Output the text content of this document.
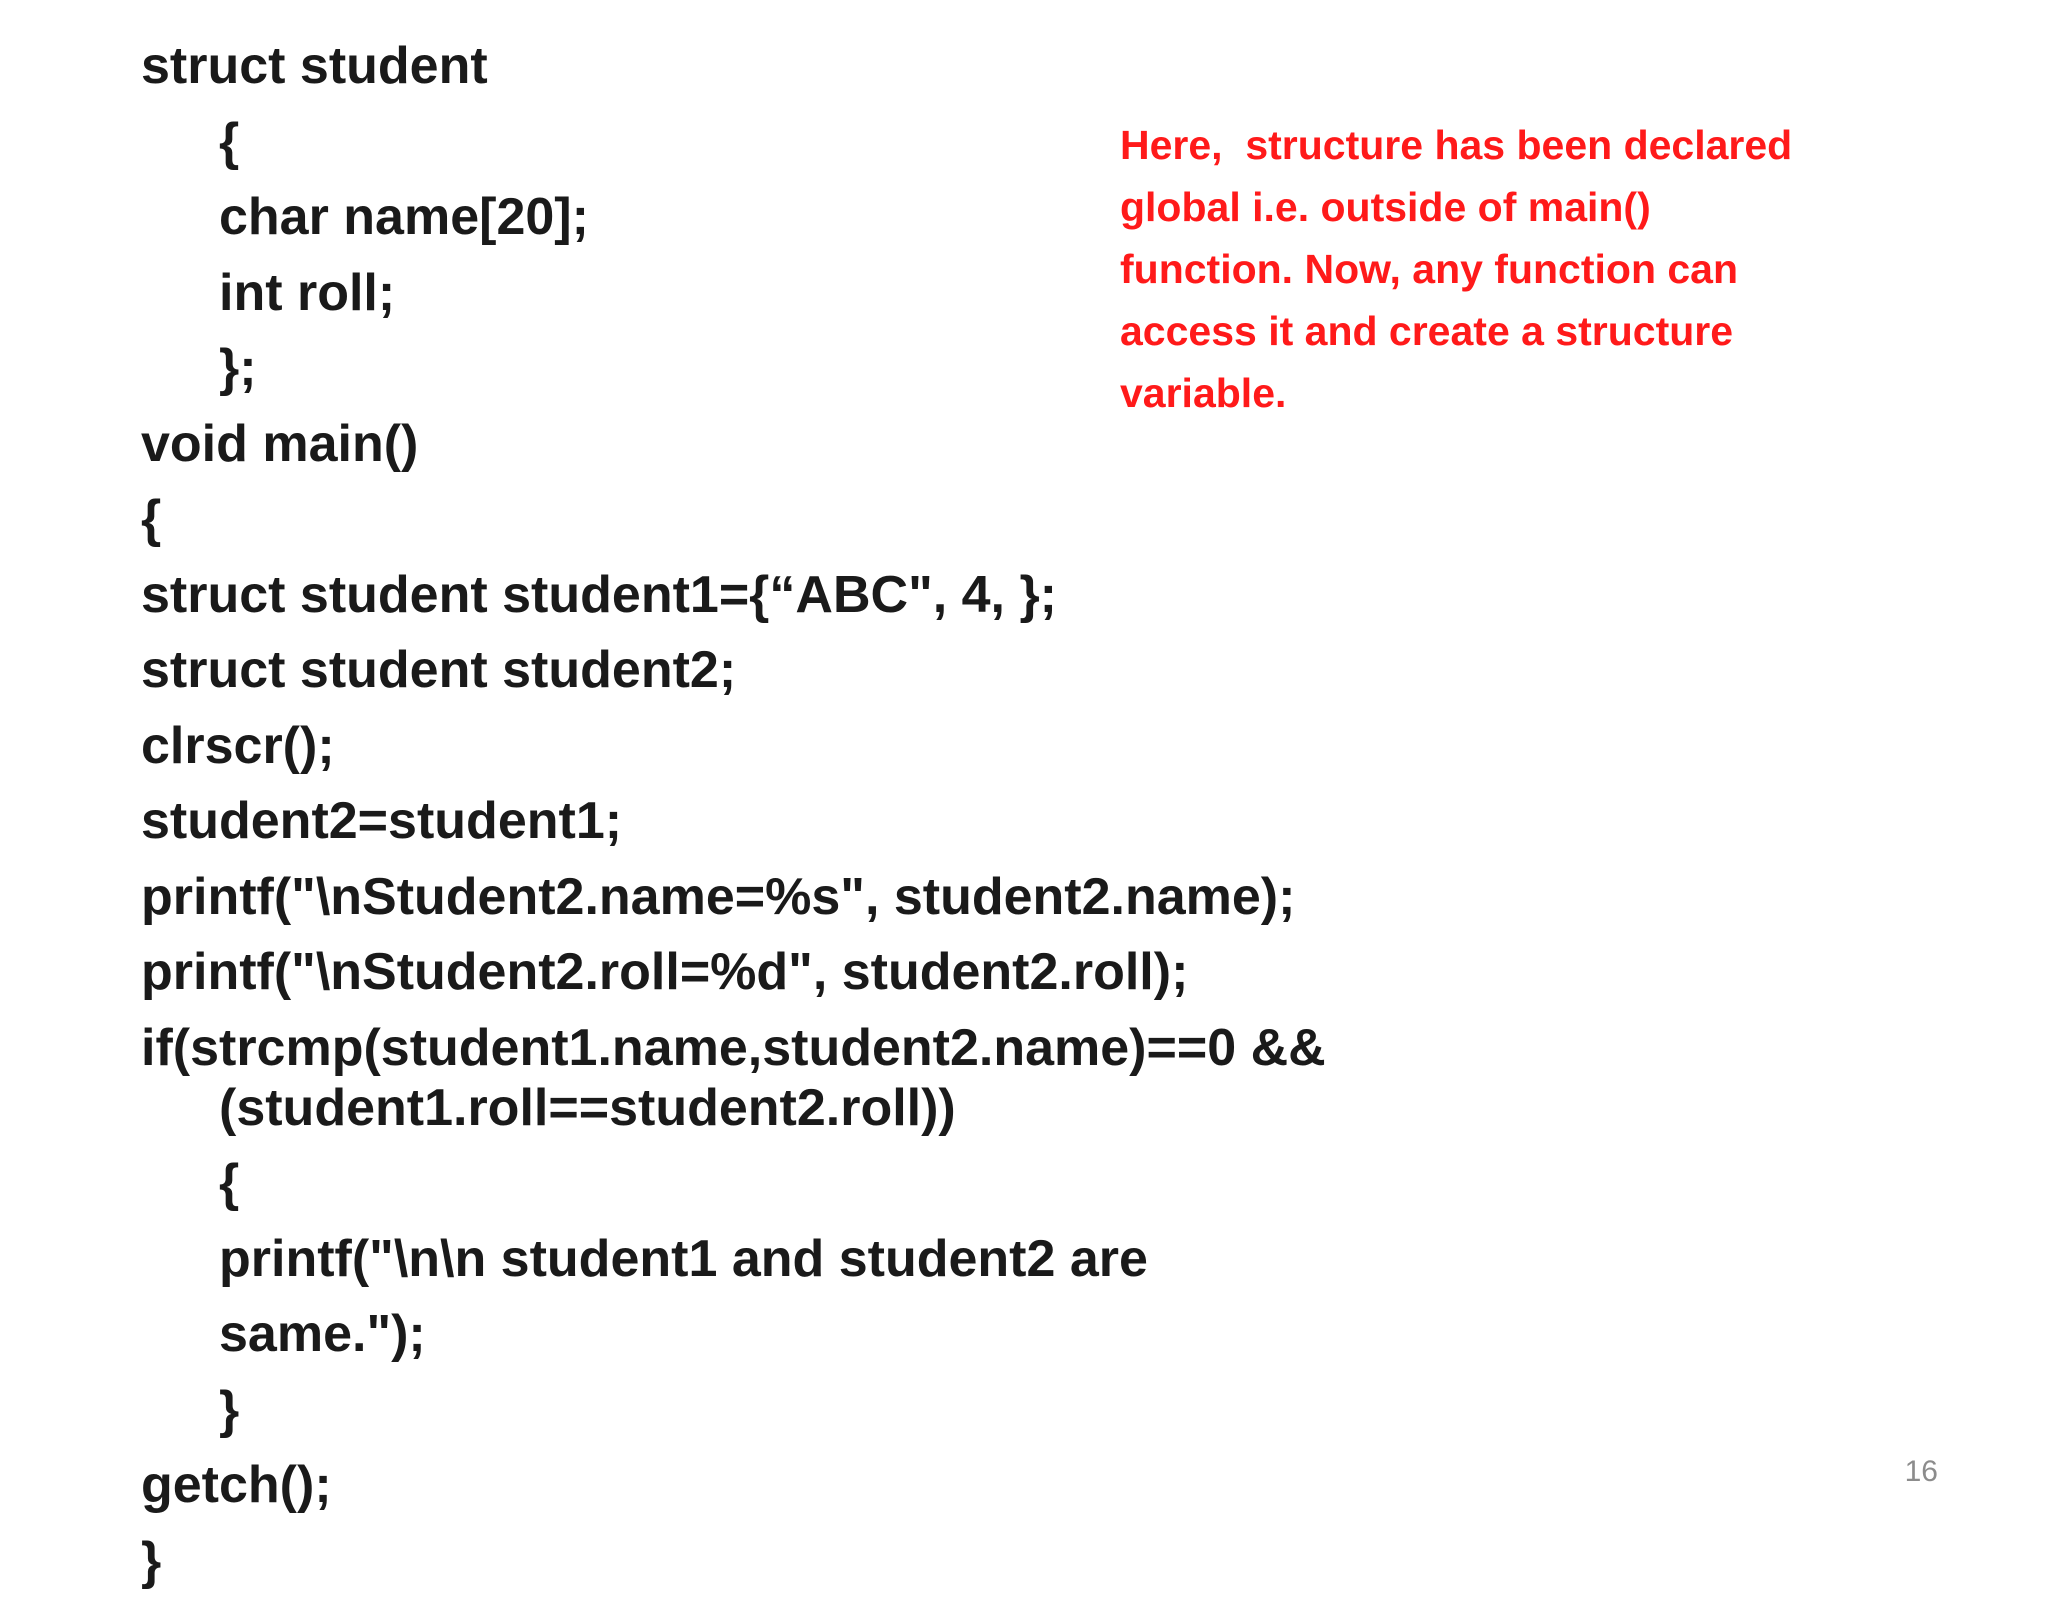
struct student
{
char name[20];
int roll;
};
void main()
{
struct student student1={“ABC", 4, };
struct student student2;
clrscr();
student2=student1;
printf("\nStudent2.name=%s", student2.name);
printf("\nStudent2.roll=%d", student2.roll);
if(strcmp(student1.name,student2.name)==0 &&
(student1.roll==student2.roll))
{
printf("\n\n student1 and student2 are
same.");
}
getch();
}
Here,  structure has been declared
global i.e. outside of main()
function. Now, any function can
access it and create a structure
variable.
16
